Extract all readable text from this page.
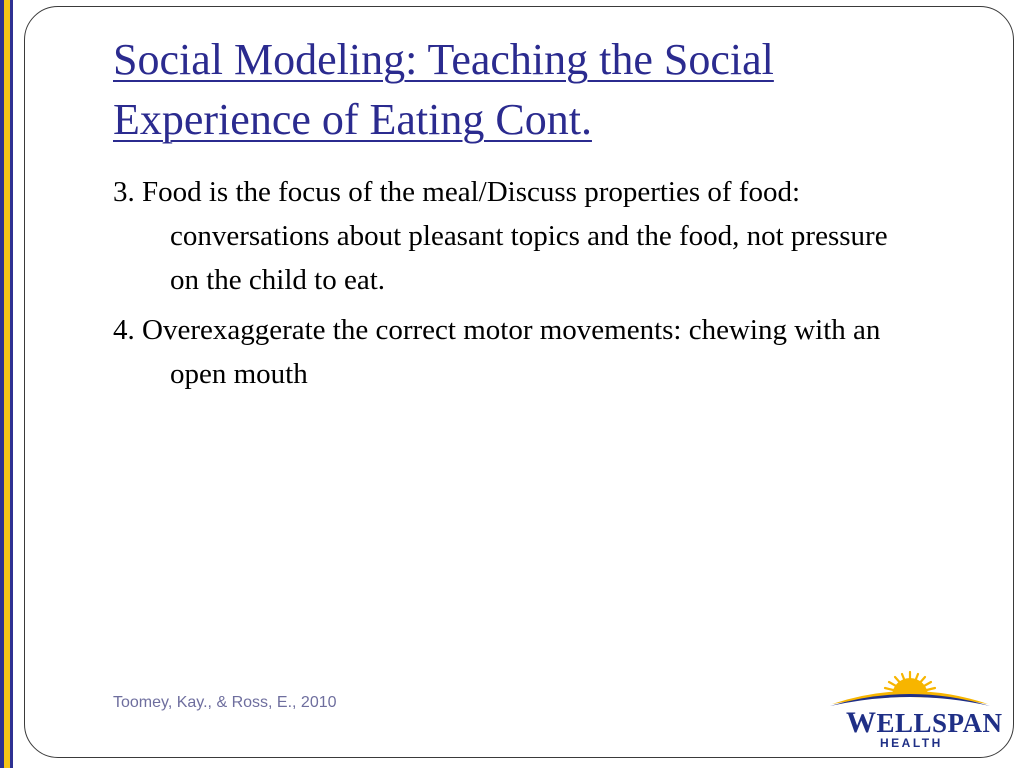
Social Modeling: Teaching the Social Experience of Eating Cont.
3. Food is the focus of the meal/Discuss properties of food: conversations about pleasant topics and the food, not pressure on the child to eat.
4. Overexaggerate the correct motor movements: chewing with an open mouth
Toomey, Kay., & Ross, E., 2010
WELLSPAN
HEALTH
